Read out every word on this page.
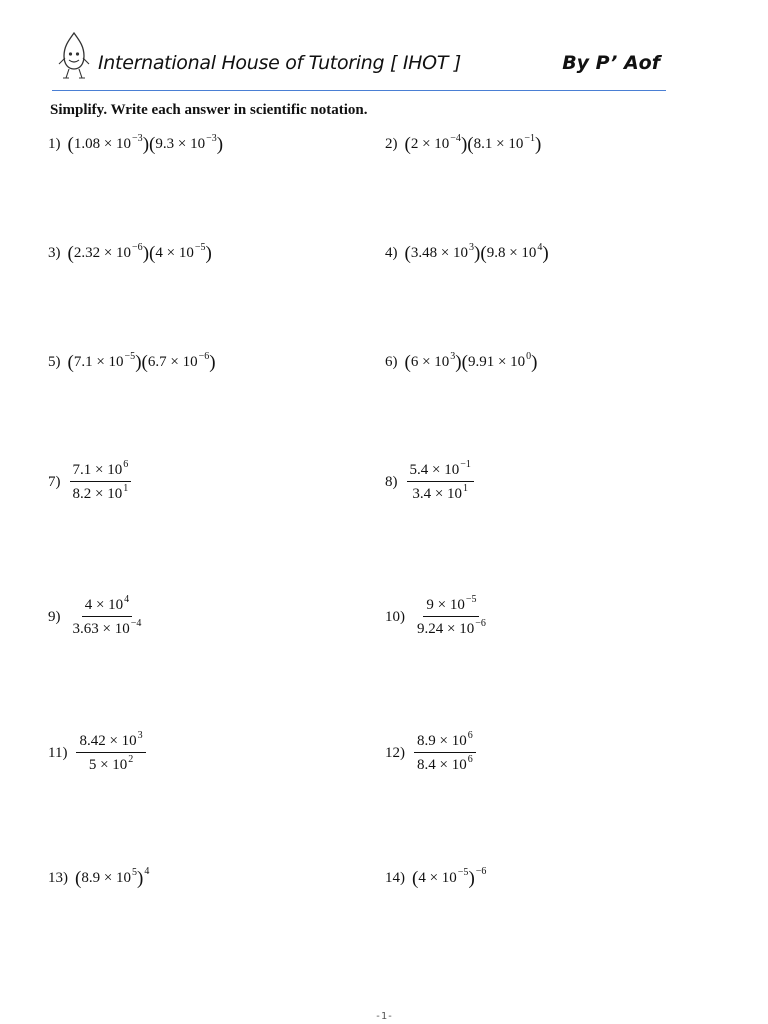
International House of Tutoring [ IHOT ]	By P’ Aof
Simplify. Write each answer in scientific notation.
1) ( $1.08 \times 10^{-3}$ ) ( $9.3 \times 10^{-3}$ )	2) ( $2 \times 10^{-4}$ ) ( $8.1 \times 10^{-1}$ )
3) ( $2.32 \times 10^{-6}$ ) ( $4 \times 10^{-5}$ )	4) ( $3.48 \times 10^3$ ) ( $9.8 \times 10^4$ )
5) ( $7.1 \times 10^{-5}$ ) ( $6.7 \times 10^{-6}$ )	6) ( $6 \times 10^3$ ) ( $9.91 \times 10^0$ )
$7) \frac{7.1 \times 10^6}{8.2 \times 10^1}$	$8) \frac{5.4 \times 10^{-1}}{3.4 \times 10^1}$
$9) \frac{4 \times 10^4}{3.63 \times 10^{-4}}$	$10) \frac{9 \times 10^{-5}}{9.24 \times 10^{-6}}$
$11) \frac{8.42 \times 10^3}{5 \times 10^2}$	$12) \frac{8.9 \times 10^6}{8.4 \times 10^6}$
13) ( $8.9 \times 10^5$ ) 4	14) ( $4 \times 10^{-5}$ ) −6
-1-
